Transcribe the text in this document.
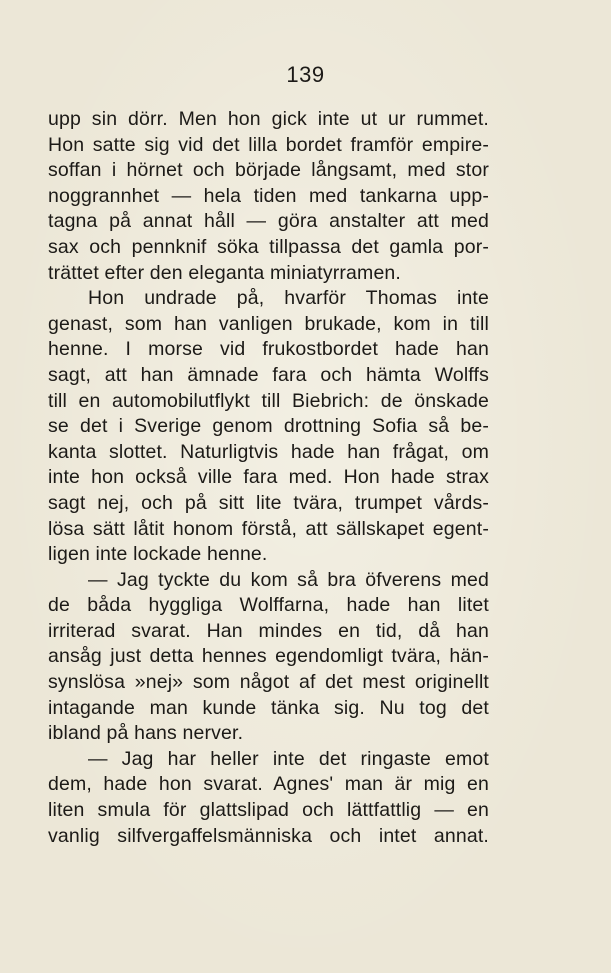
139
upp sin dörr. Men hon gick inte ut ur rummet.
Hon satte sig vid det lilla bordet framför empire-
soffan i hörnet och började långsamt, med stor
noggrannhet — hela tiden med tankarna upp-
tagna på annat håll — göra anstalter att med
sax och pennknif söka tillpassa det gamla por-
trättet efter den eleganta miniatyrramen.
Hon undrade på, hvarför Thomas inte
genast, som han vanligen brukade, kom in till
henne. I morse vid frukostbordet hade han
sagt, att han ämnade fara och hämta Wolffs
till en automobilutflykt till Biebrich: de önskade
se det i Sverige genom drottning Sofia så be-
kanta slottet. Naturligtvis hade han frågat, om
inte hon också ville fara med. Hon hade strax
sagt nej, och på sitt lite tvära, trumpet vårds-
lösa sätt låtit honom förstå, att sällskapet egent-
ligen inte lockade henne.
— Jag tyckte du kom så bra öfverens med
de båda hyggliga Wolffarna, hade han litet
irriterad svarat. Han mindes en tid, då han
ansåg just detta hennes egendomligt tvära, hän-
synslösa »nej» som något af det mest originellt
intagande man kunde tänka sig. Nu tog det
ibland på hans nerver.
— Jag har heller inte det ringaste emot
dem, hade hon svarat. Agnes' man är mig en
liten smula för glattslipad och lättfattlig — en
vanlig silfvergaffelsmänniska och intet annat.
